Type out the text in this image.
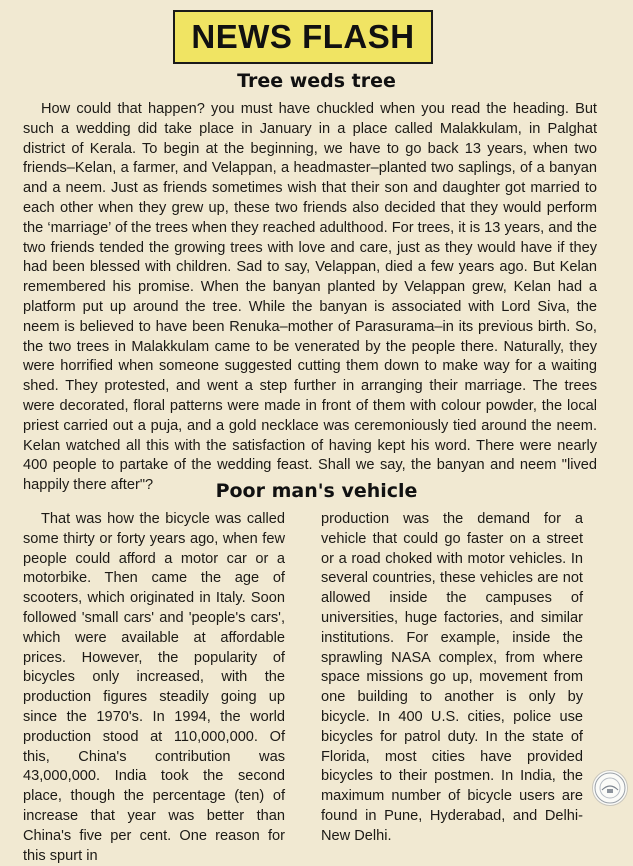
NEWS FLASH
Tree weds tree

How could that happen? you must have chuckled when you read the heading. But such a wedding did take place in January in a place called Malakkulam, in Palghat district of Kerala. To begin at the beginning, we have to go back 13 years, when two friends–Kelan, a farmer, and Velappan, a headmaster–planted two saplings, of a banyan and a neem. Just as friends sometimes wish that their son and daughter got married to each other when they grew up, these two friends also decided that they would perform the ‘marriage’ of the trees when they reached adulthood. For trees, it is 13 years, and the two friends tended the growing trees with love and care, just as they would have if they had been blessed with children. Sad to say, Velappan, died a few years ago. But Kelan remembered his promise. When the banyan planted by Velappan grew, Kelan had a platform put up around the tree. While the banyan is associated with Lord Siva, the neem is believed to have been Renuka–mother of Parasurama–in its previous birth. So, the two trees in Malakkulam came to be venerated by the people there. Naturally, they were horrified when someone suggested cutting them down to make way for a waiting shed. They protested, and went a step further in arranging their marriage. The trees were decorated, floral patterns were made in front of them with colour powder, the local priest carried out a puja, and a gold necklace was ceremoniously tied around the neem. Kelan watched all this with the satisfaction of having kept his word. There were nearly 400 people to partake of the wedding feast. Shall we say, the banyan and neem "lived happily there after"?	Poor man's vehicle

That was how the bicycle was called some thirty or forty years ago, when few people could afford a motor car or a motorbike. Then came the age of scooters, which originated in Italy. Soon followed 'small cars' and 'people's cars', which were available at affordable prices. However, the popularity of bicycles only increased, with the production figures steadily going up since the 1970's. In 1994, the world production stood at 110,000,000. Of this, China's contribution was 43,000,000. India took the second place, though the percentage (ten) of increase that year was better than China's five per cent. One reason for this spurt in

production was the demand for a vehicle that could go faster on a street or a road choked with motor vehicles. In several countries, these vehicles are not allowed inside the campuses of universities, huge factories, and similar institutions. For example, inside the sprawling NASA complex, from where space missions go up, movement from one building to another is only by bicycle. In 400 U.S. cities, police use bicycles for patrol duty. In the state of Florida, most cities have provided bicycles to their postmen. In India, the maximum number of bicycle users are found in Pune, Hyderabad, and Delhi-New Delhi.
